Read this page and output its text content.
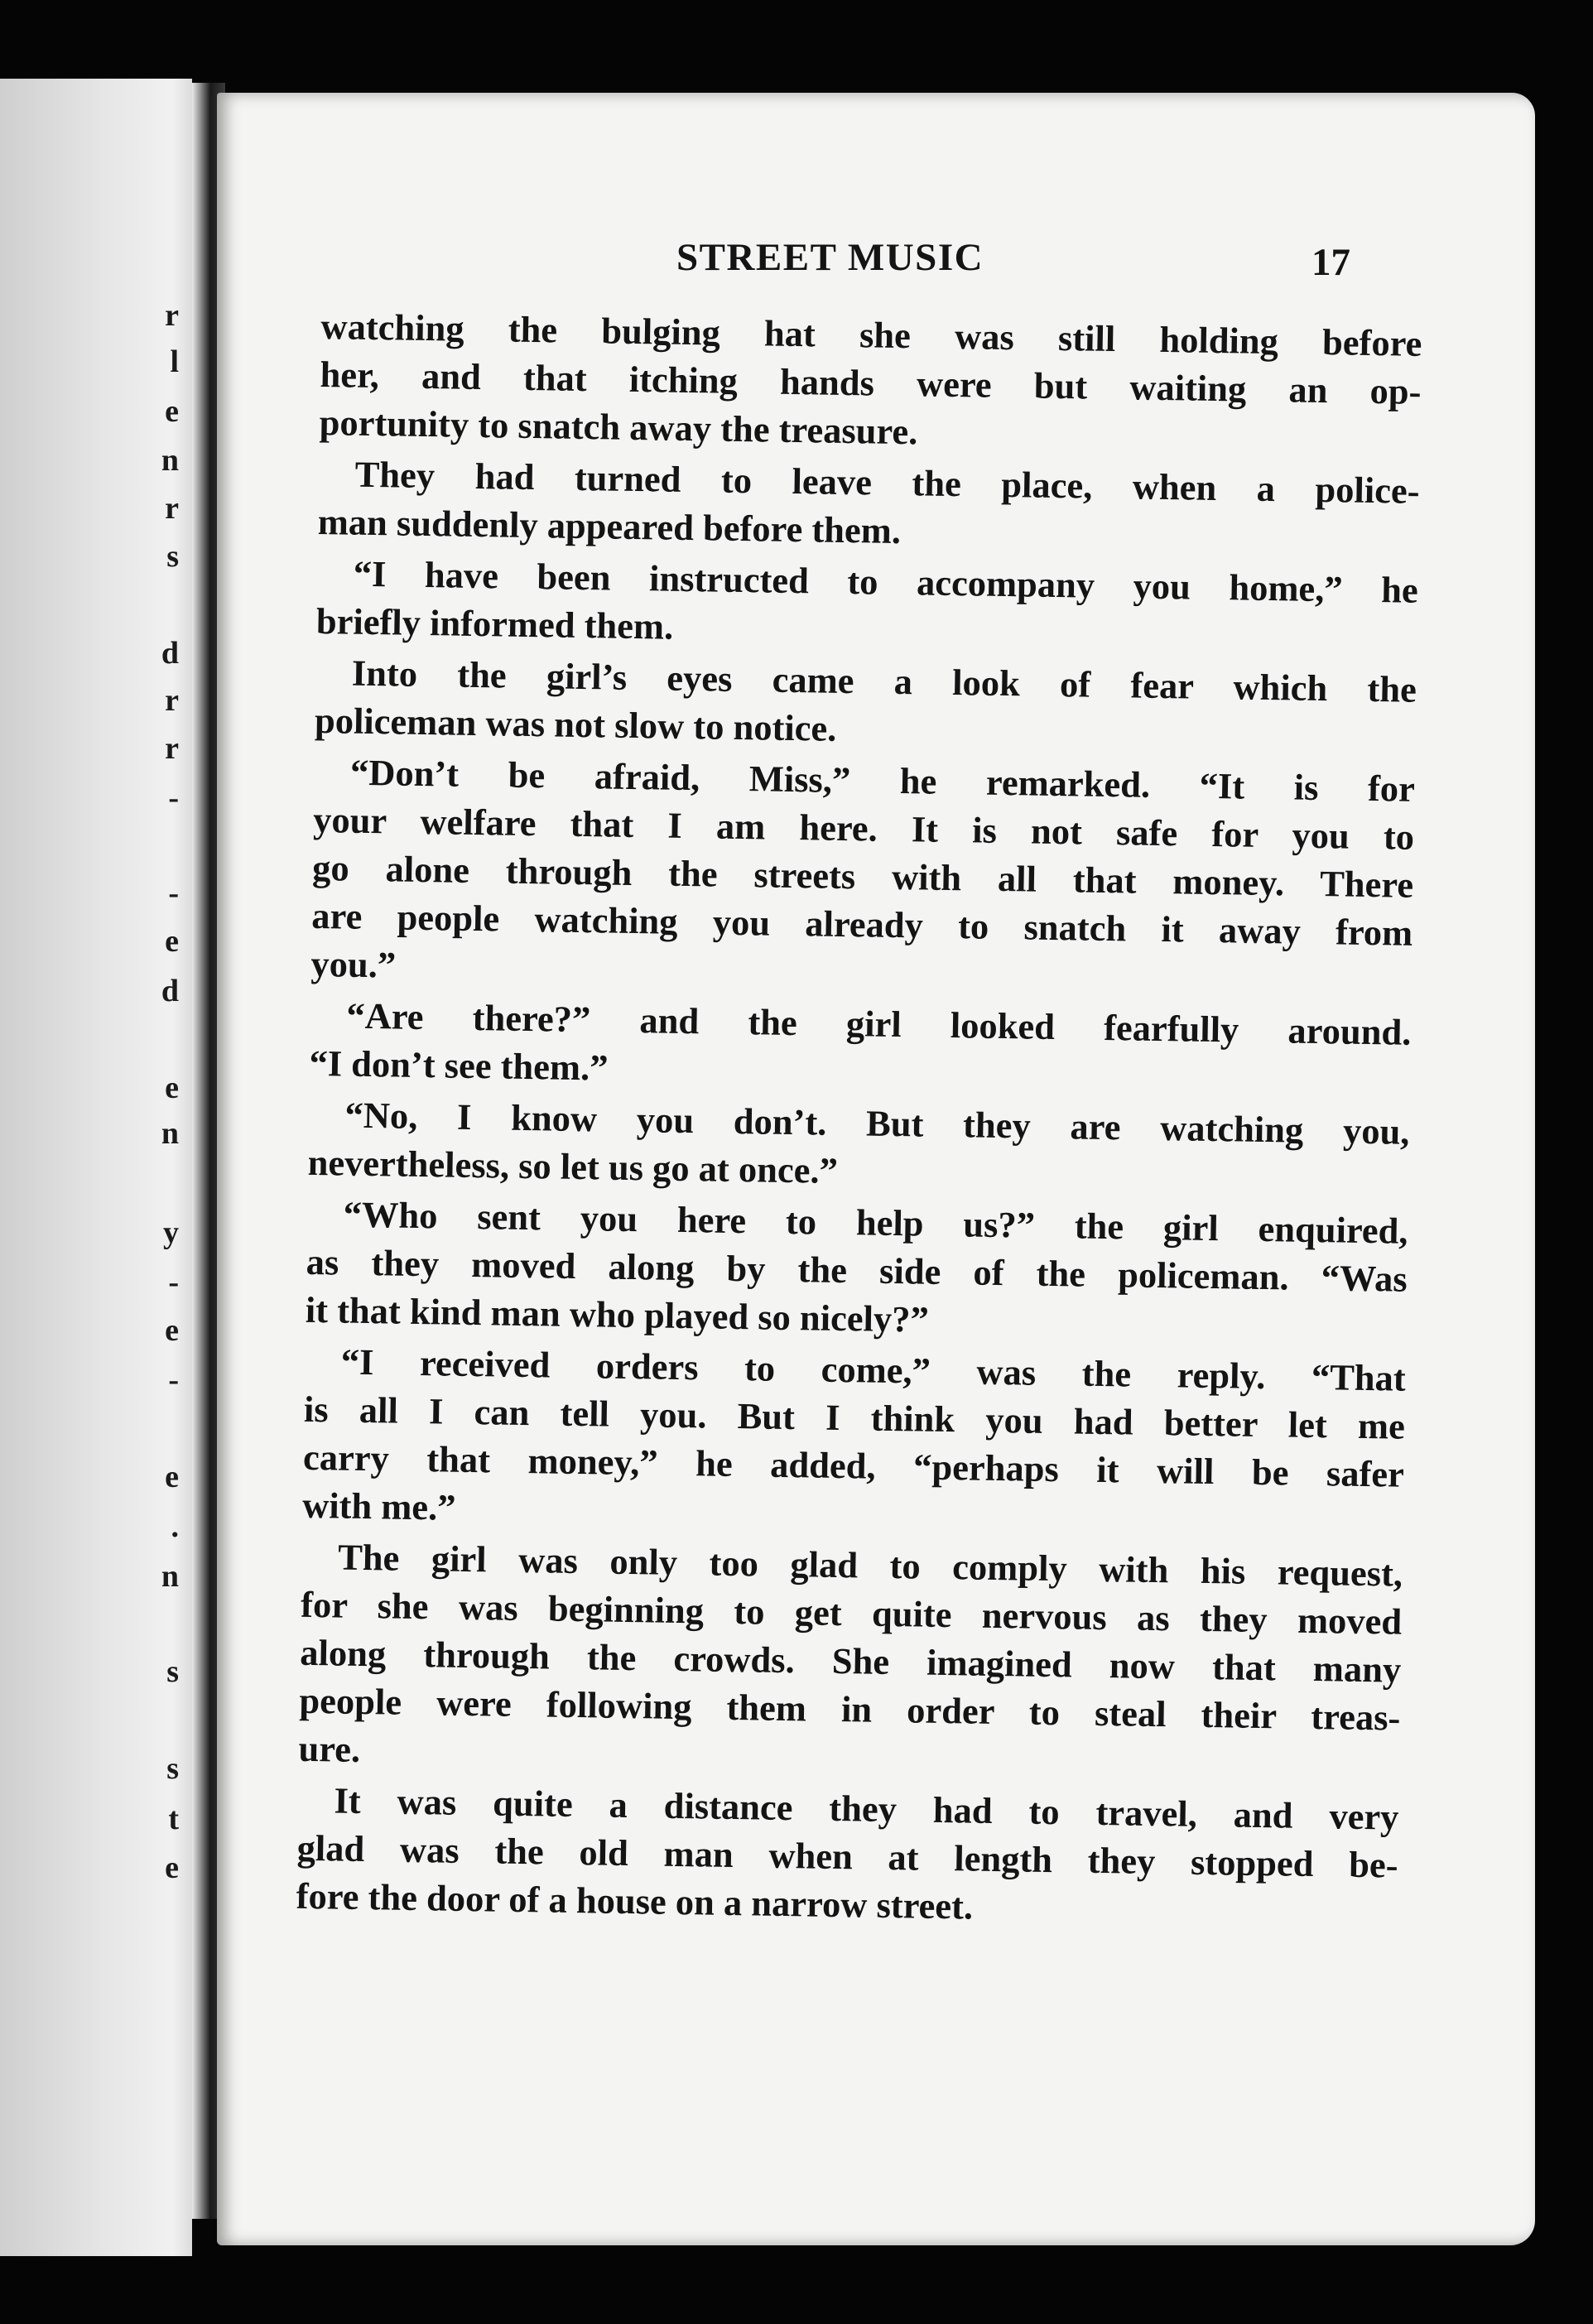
r
l
e
n
r
s
d
r
r
-
-
e
d
e
n
y
-
e
-
e
.
n
s
s
t
e
STREET MUSIC	17
watching the bulging hat she was still holding before
her, and that itching hands were but waiting an op-
portunity to snatch away the treasure.
They had turned to leave the place, when a police-
man suddenly appeared before them.
“I have been instructed to accompany you home,” he
briefly informed them.
Into the girl’s eyes came a look of fear which the
policeman was not slow to notice.
“Don’t be afraid, Miss,” he remarked. “It is for
your welfare that I am here. It is not safe for you to
go alone through the streets with all that money. There
are people watching you already to snatch it away from
you.”
“Are there?” and the girl looked fearfully around.
“I don’t see them.”
“No, I know you don’t. But they are watching you,
nevertheless, so let us go at once.”
“Who sent you here to help us?” the girl enquired,
as they moved along by the side of the policeman. “Was
it that kind man who played so nicely?”
“I received orders to come,” was the reply. “That
is all I can tell you. But I think you had better let me
carry that money,” he added, “perhaps it will be safer
with me.”
The girl was only too glad to comply with his request,
for she was beginning to get quite nervous as they moved
along through the crowds. She imagined now that many
people were following them in order to steal their treas-
ure.
It was quite a distance they had to travel, and very
glad was the old man when at length they stopped be-
fore the door of a house on a narrow street.
